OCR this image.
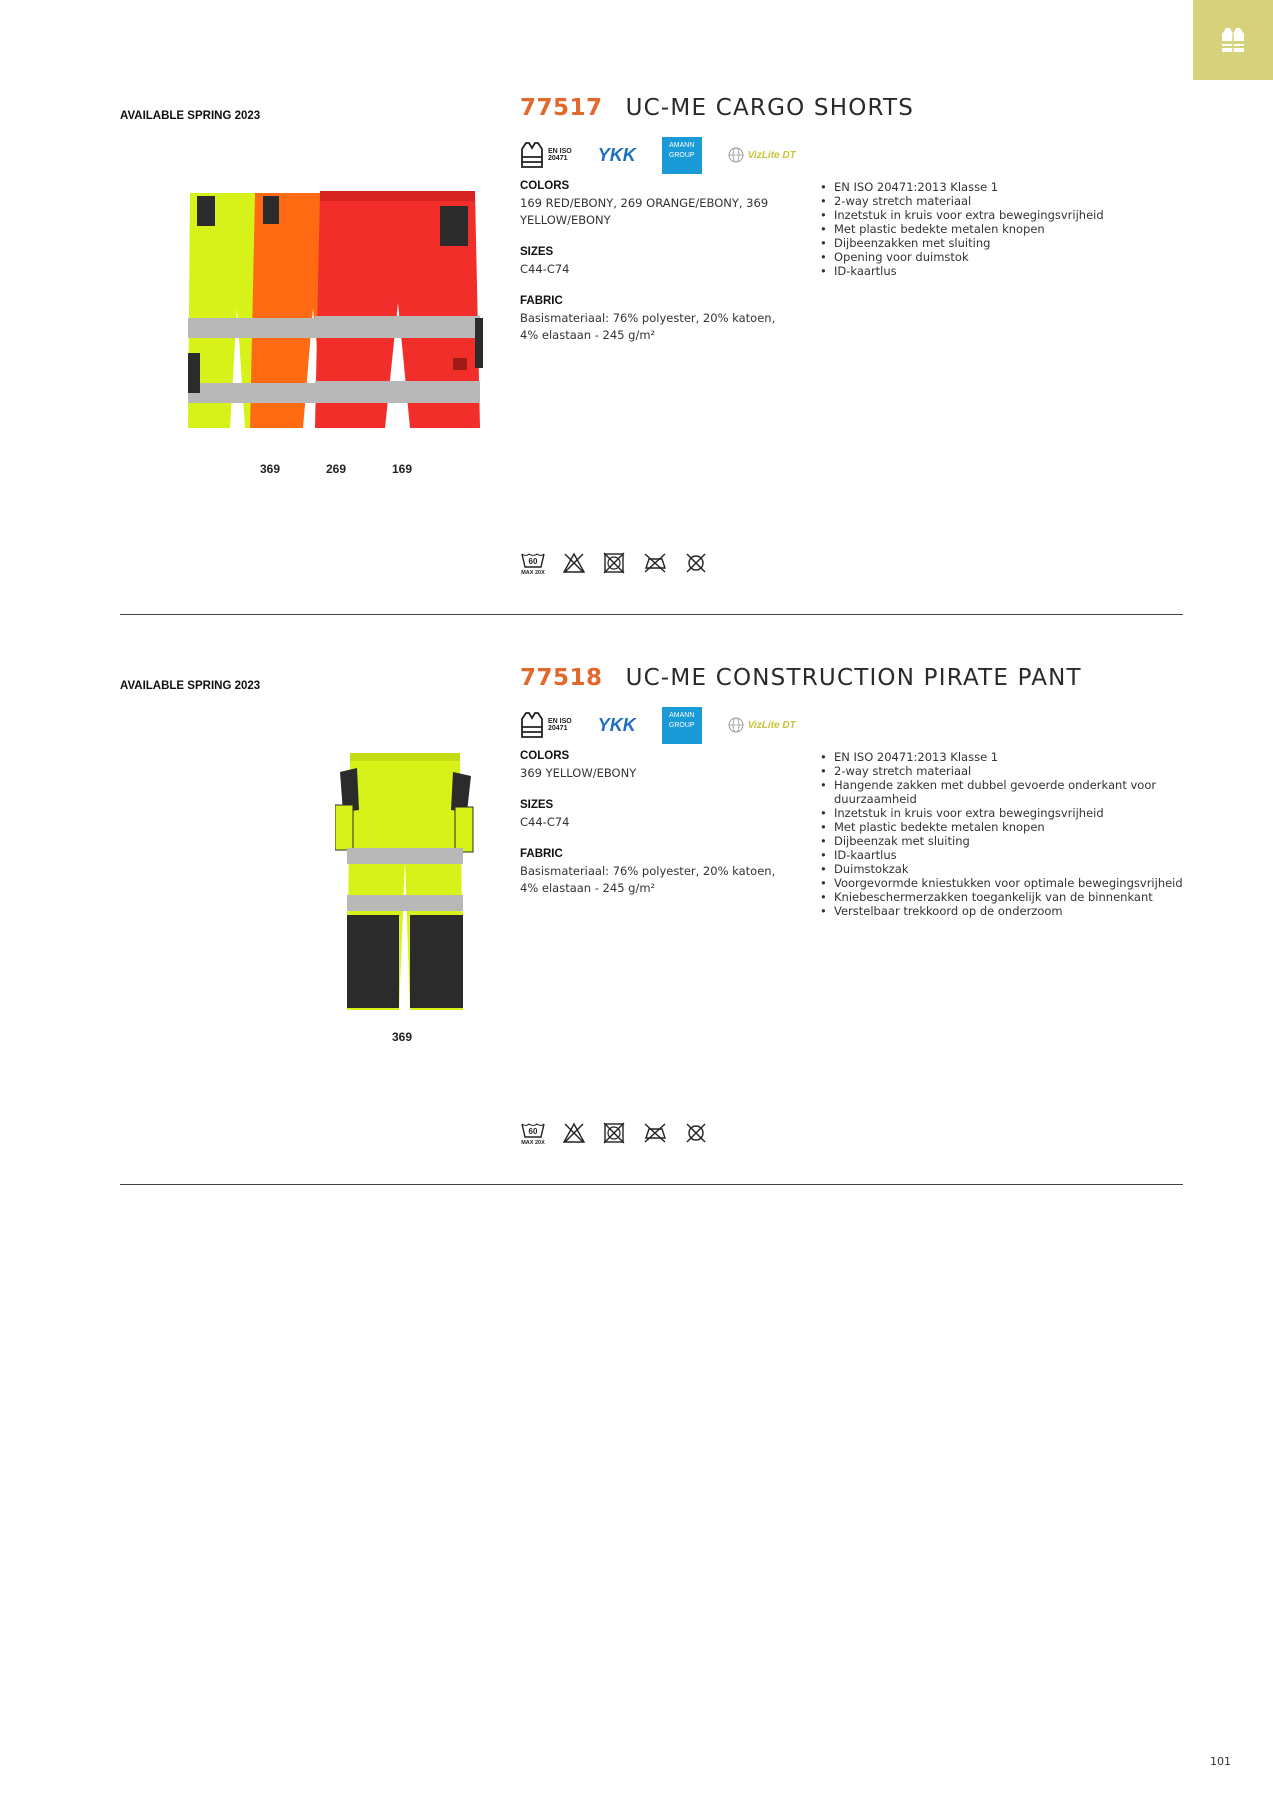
AVAILABLE SPRING 2023	77517 UC-ME CARGO SHORTS
EN ISO
20471 YKK	AMANN
GROUP	VizLite DT
COLORS
169 RED/EBONY, 269 ORANGE/EBONY, 369 YELLOW/EBONY
SIZES
C44-C74
FABRIC
Basismateriaal: 76% polyester, 20% katoen, 4% elastaan - 245 g/m²
• EN ISO 20471:2013 Klasse 1
• 2-way stretch materiaal
• Inzetstuk in kruis voor extra bewegingsvrijheid
• Met plastic bedekte metalen knopen
• Dijbeenzakken met sluiting
• Opening voor duimstok
• ID-kaartlus
369	269	169
60
MAX 20X
AVAILABLE SPRING 2023	77518 UC-ME CONSTRUCTION PIRATE PANT
EN ISO
20471 YKK	AMANN
GROUP	VizLite DT
COLORS
369 YELLOW/EBONY
SIZES
C44-C74
FABRIC
Basismateriaal: 76% polyester, 20% katoen, 4% elastaan - 245 g/m²
• EN ISO 20471:2013 Klasse 1
• 2-way stretch materiaal
• Hangende zakken met dubbel gevoerde onderkant voor duurzaamheid
• Inzetstuk in kruis voor extra bewegingsvrijheid
• Met plastic bedekte metalen knopen
• Dijbeenzak met sluiting
• ID-kaartlus
• Duimstokzak
• Voorgevormde kniestukken voor optimale bewegingsvrijheid
• Kniebeschermerzakken toegankelijk van de binnenkant
• Verstelbaar trekkoord op de onderzoom
369
60
MAX 20X
101
